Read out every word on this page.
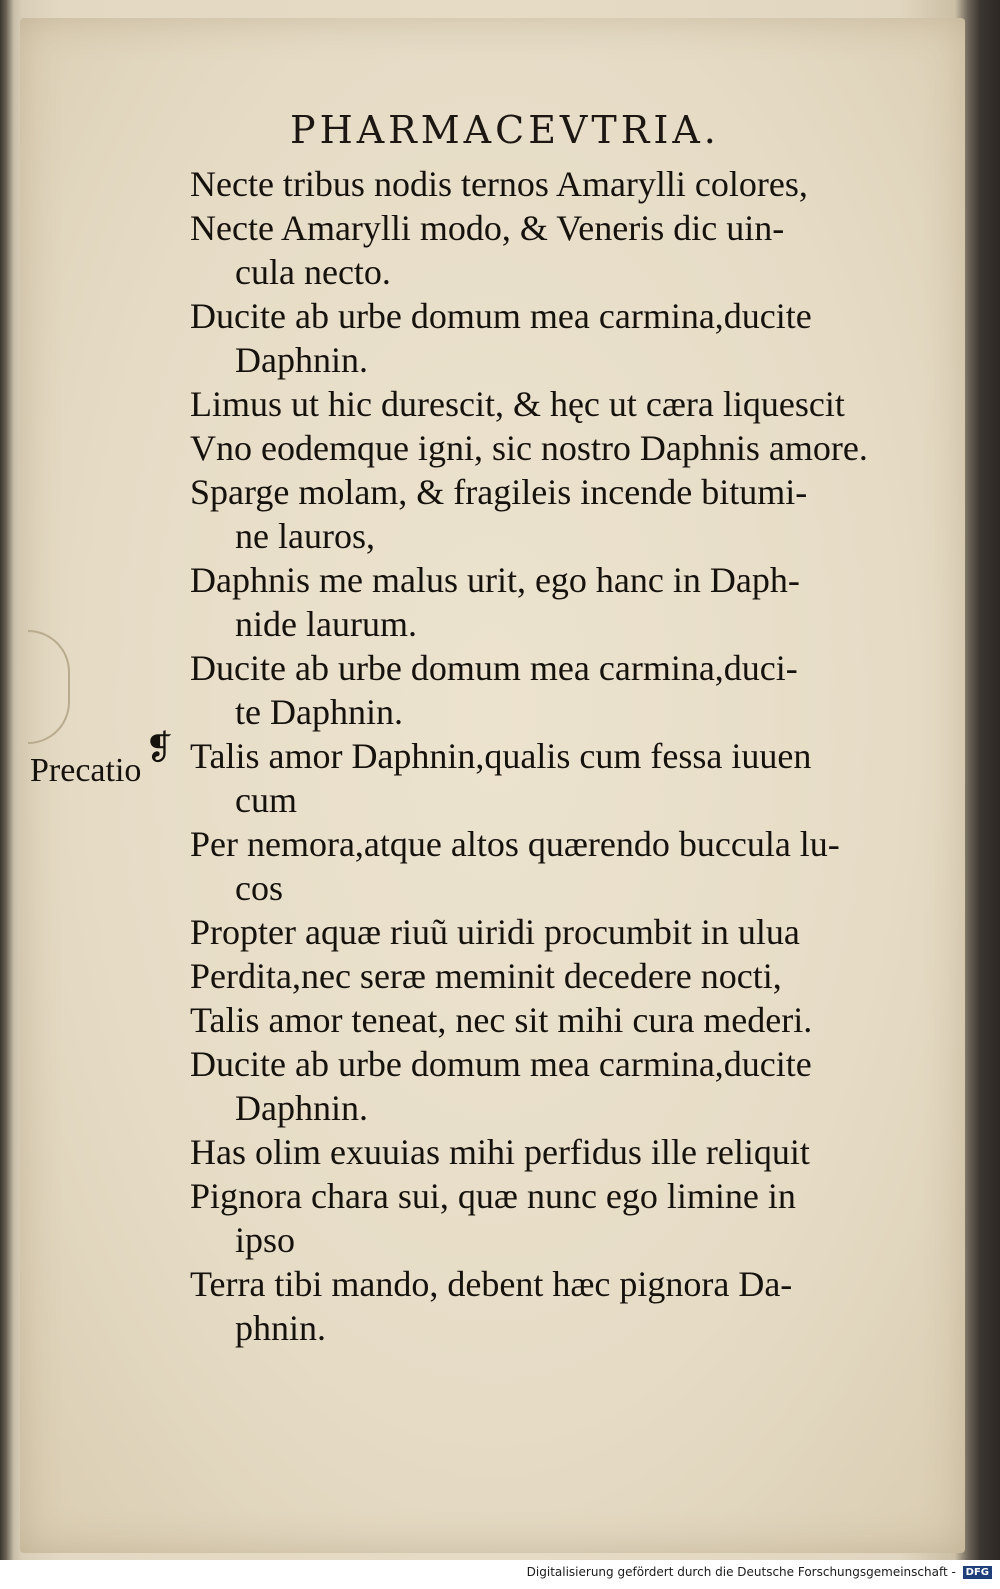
PHARMACEVTRIA.
❡
Precatio
Necte tribus nodis ternos Amarylli colores,
Necte Amarylli modo, & Veneris dic uin-
cula necto.
Ducite ab urbe domum mea carmina,ducite
Daphnin.
Limus ut hic durescit, & hęc ut cæra liquescit
Vno eodemque igni, sic nostro Daphnis amore.
Sparge molam, & fragileis incende bitumi-
ne lauros,
Daphnis me malus urit, ego hanc in Daph-
nide laurum.
Ducite ab urbe domum mea carmina,duci-
te Daphnin.
Talis amor Daphnin,qualis cum fessa iuuen
cum
Per nemora,atque altos quærendo buccula lu-
cos
Propter aquæ riuũ uiridi procumbit in ulua
Perdita,nec seræ meminit decedere nocti,
Talis amor teneat, nec sit mihi cura mederi.
Ducite ab urbe domum mea carmina,ducite
Daphnin.
Has olim exuuias mihi perfidus ille reliquit
Pignora chara sui, quæ nunc ego limine in
ipso
Terra tibi mando, debent hæc pignora Da-
phnin.
Digitalisierung gefördert durch die Deutsche Forschungsgemeinschaft - DFG
